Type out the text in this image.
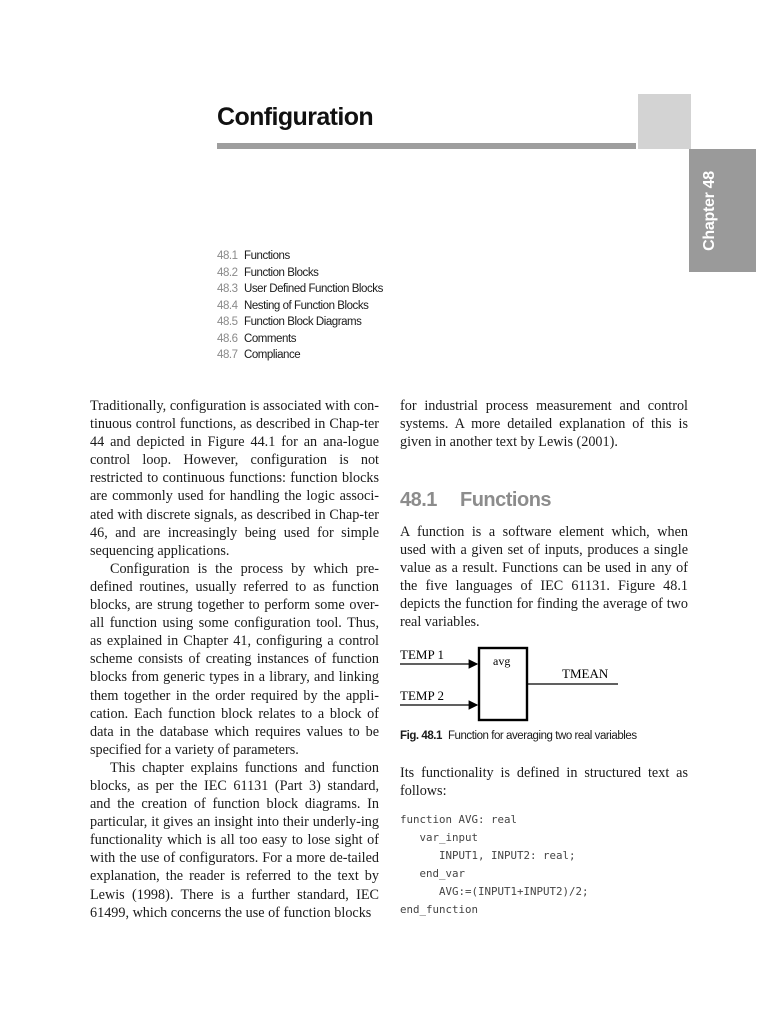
Configuration
Chapter 48
48.1 Functions
48.2 Function Blocks
48.3 User Defined Function Blocks
48.4 Nesting of Function Blocks
48.5 Function Block Diagrams
48.6 Comments
48.7 Compliance

Traditionally, configuration is associated with con-tinuous control functions, as described in Chap-ter 44 and depicted in Figure 44.1 for an ana-logue control loop. However, configuration is not restricted to continuous functions: function blocks are commonly used for handling the logic associ-ated with discrete signals, as described in Chap-ter 46, and are increasingly being used for simple sequencing applications.

Configuration is the process by which pre-defined routines, usually referred to as function blocks, are strung together to perform some over-all function using some configuration tool. Thus, as explained in Chapter 41, configuring a control scheme consists of creating instances of function blocks from generic types in a library, and linking them together in the order required by the appli-cation. Each function block relates to a block of data in the database which requires values to be specified for a variety of parameters.

This chapter explains functions and function blocks, as per the IEC 61131 (Part 3) standard, and the creation of function block diagrams. In particular, it gives an insight into their underly-ing functionality which is all too easy to lose sight of with the use of configurators. For a more de-tailed explanation, the reader is referred to the text by Lewis (1998). There is a further standard, IEC 61499, which concerns the use of function blocks

for industrial process measurement and control systems. A more detailed explanation of this is given in another text by Lewis (2001).

48.1 Functions

A function is a software element which, when used with a given set of inputs, produces a single value as a result. Functions can be used in any of the five languages of IEC 61131. Figure 48.1 depicts the function for finding the average of two real variables.

TEMP 1
TEMP 2
avg
TMEAN
Fig. 48.1 Function for averaging two real variables

Its functionality is defined in structured text as follows:

function AVG: real
var_input
INPUT1, INPUT2: real;
end_var
AVG:=(INPUT1+INPUT2)/2;
end_function
